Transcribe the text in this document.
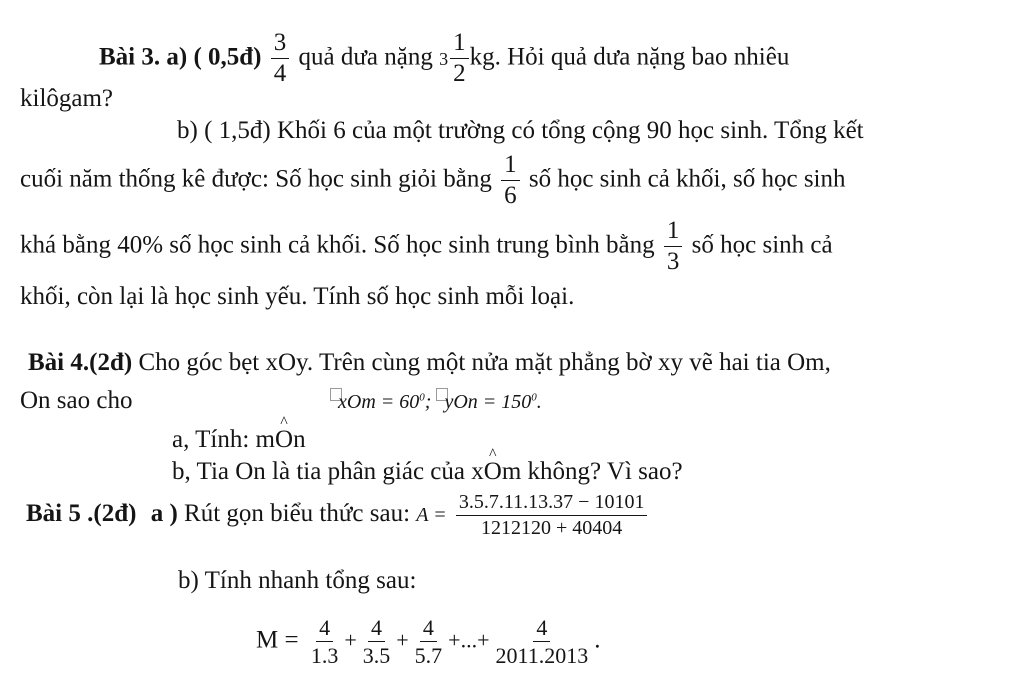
Bài 3. a) ( 0,5đ) $\frac{3}{4}$ quả dưa nặng $3 \frac{1}{2}$ kg. Hỏi quả dưa nặng bao nhiêu
kilôgam?
b) ( 1,5đ) Khối 6 của một trường có tổng cộng 90 học sinh. Tổng kết
cuối năm thống kê được: Số học sinh giỏi bằng $\frac{1}{6}$ số học sinh cả khối, số học sinh
khá bằng 40% số học sinh cả khối. Số học sinh trung bình bằng $\frac{1}{3}$ số học sinh cả
khối, còn lại là học sinh yếu. Tính số học sinh mỗi loại.
Bài 4.(2đ) Cho góc bẹt xOy. Trên cùng một nửa mặt phẳng bờ xy vẽ hai tia Om,
On sao cho	xOm = $60^0$; yOn = $150^0$.
a, Tính: m^ On
b, Tia On là tia phân giác của x^ Om không? Vì sao?
Bài 5 .(2đ) a ) Rút gọn biểu thức sau: $A = \frac{3.5.7.11.13.37 - 10101}{1212120 + 40404}$
b) Tính nhanh tổng sau:
$M = \frac{4}{1.3} + \frac{4}{3.5} + \frac{4}{5.7}$ +...+ $\frac{4}{2011.2013}$ .
